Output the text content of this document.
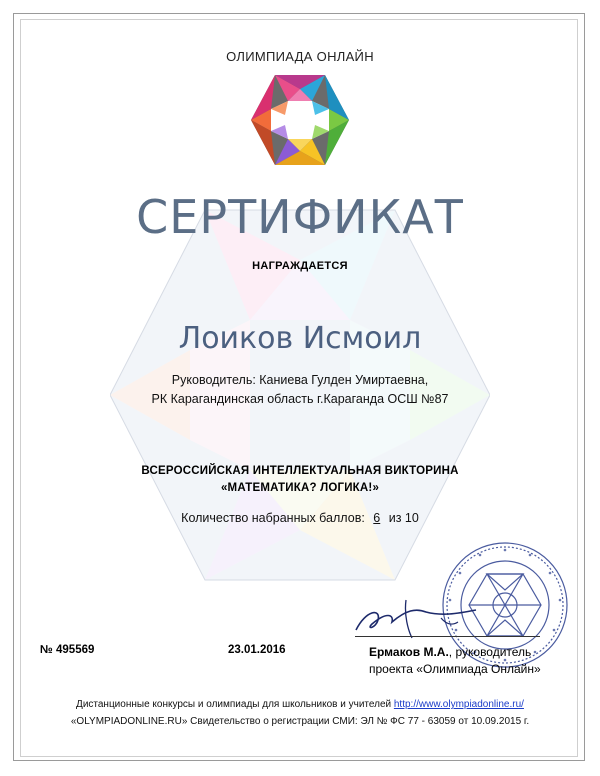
ОЛИМПИАДА ОНЛАЙН
СЕРТИФИКАТ
НАГРАЖДАЕТСЯ
Лоиков Исмоил
Руководитель: Каниева Гулден Умиртаевна,
РК Карагандинская область г.Караганда ОСШ №87
ВСЕРОССИЙСКАЯ ИНТЕЛЛЕКТУАЛЬНАЯ ВИКТОРИНА
«МАТЕМАТИКА? ЛОГИКА!»
Количество набранных баллов: 6 из 10
№ 495569	23.01.2016	Ермаков М.А., руководитель
проекта «Олимпиада Онлайн»
Дистанционные конкурсы и олимпиады для школьников и учителей http://www.olympiadonline.ru/
«OLYMPIADONLINE.RU» Свидетельство о регистрации СМИ: ЭЛ № ФС 77 - 63059 от 10.09.2015 г.
